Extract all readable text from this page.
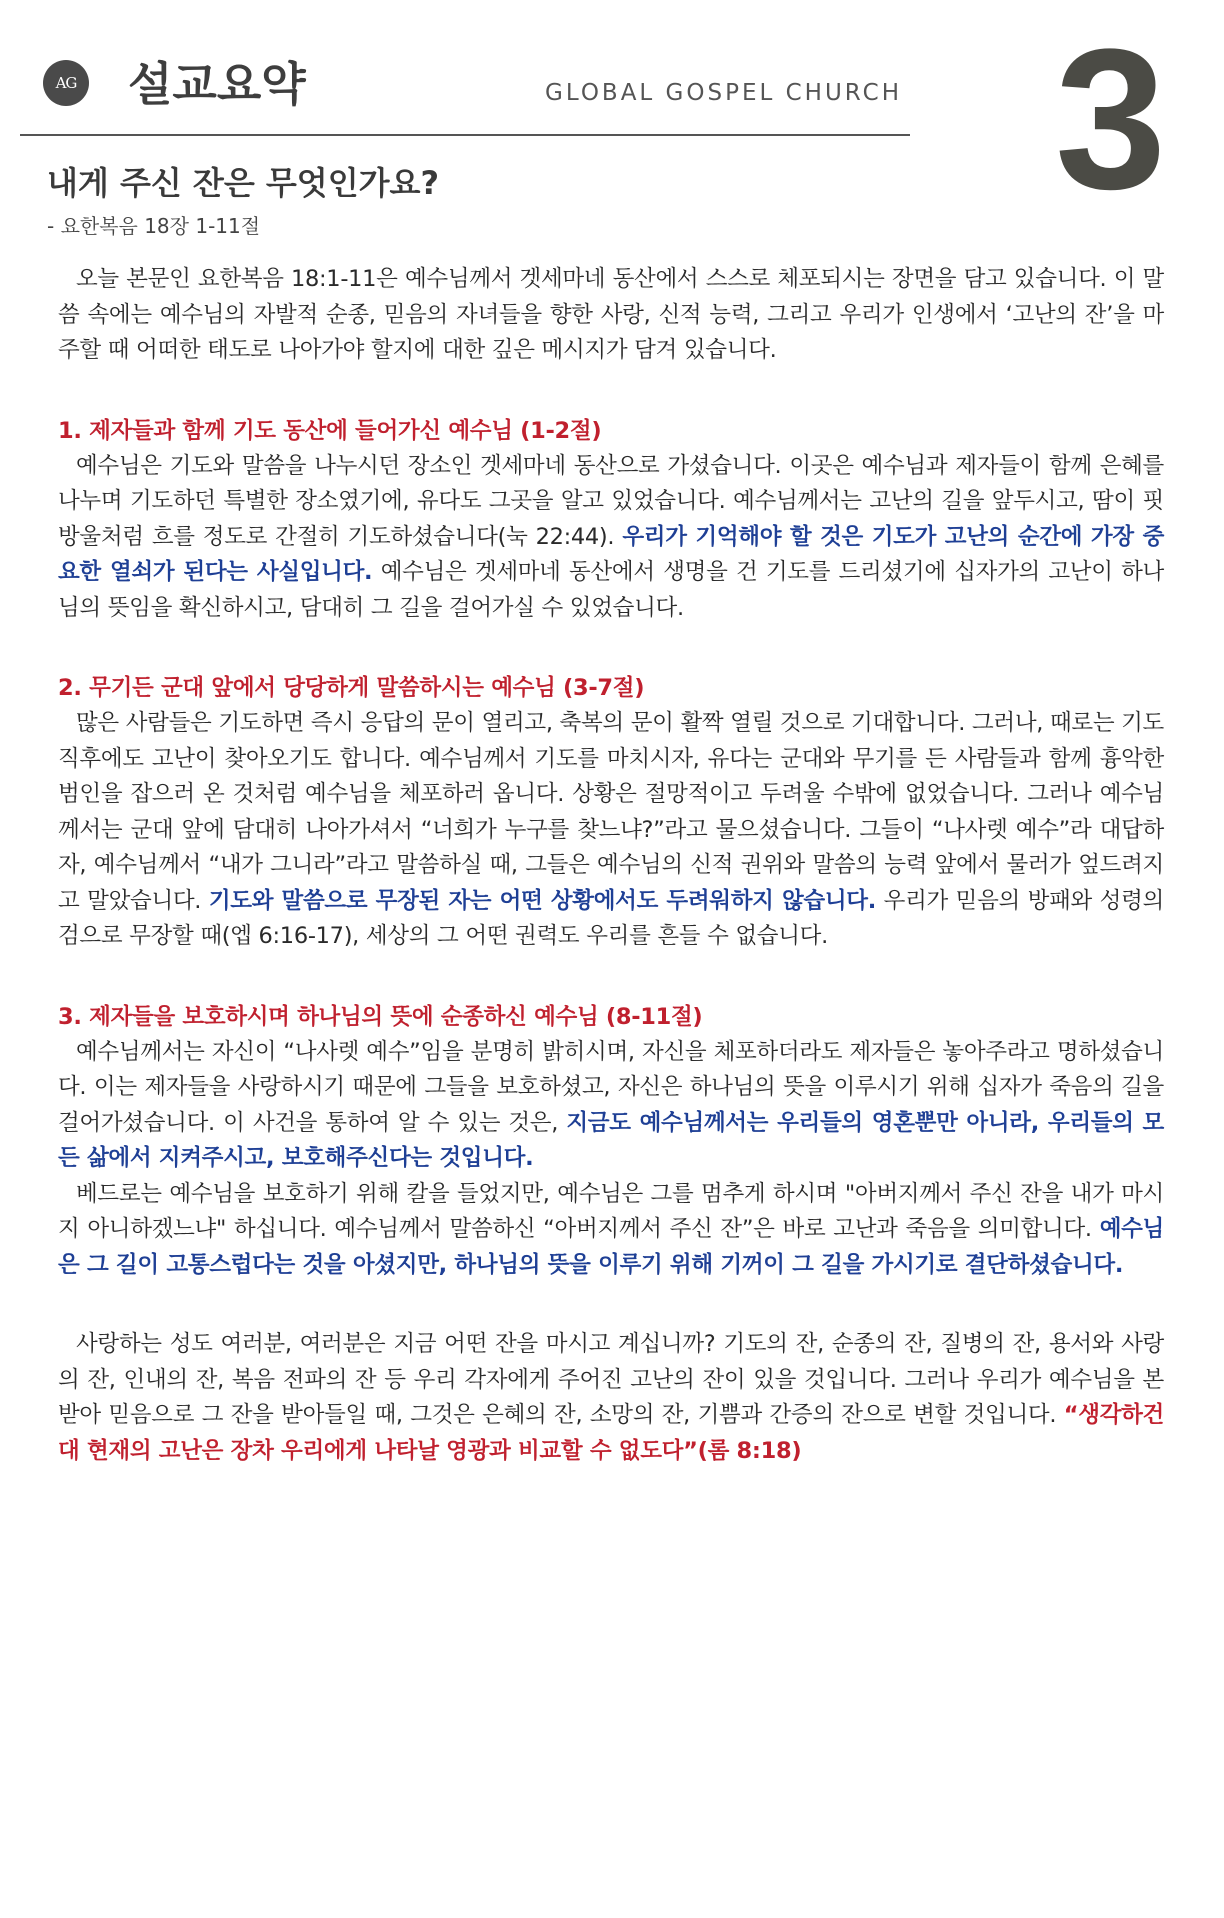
AG 설교요약	GLOBAL GOSPEL CHURCH 3
내게 주신 잔은 무엇인가요?
- 요한복음 18장 1-11절

오늘 본문인 요한복음 18:1-11은 예수님께서 겟세마네 동산에서 스스로 체포되시는 장면을 담고 있습니다. 이 말씀 속에는 예수님의 자발적 순종, 믿음의 자녀들을 향한 사랑, 신적 능력, 그리고 우리가 인생에서 ‘고난의 잔’을 마주할 때 어떠한 태도로 나아가야 할지에 대한 깊은 메시지가 담겨 있습니다.

1. 제자들과 함께 기도 동산에 들어가신 예수님 (1-2절)

예수님은 기도와 말씀을 나누시던 장소인 겟세마네 동산으로 가셨습니다. 이곳은 예수님과 제자들이 함께 은혜를 나누며 기도하던 특별한 장소였기에, 유다도 그곳을 알고 있었습니다. 예수님께서는 고난의 길을 앞두시고, 땀이 핏방울처럼 흐를 정도로 간절히 기도하셨습니다(눅 22:44). 우리가 기억해야 할 것은 기도가 고난의 순간에 가장 중요한 열쇠가 된다는 사실입니다. 예수님은 겟세마네 동산에서 생명을 건 기도를 드리셨기에 십자가의 고난이 하나님의 뜻임을 확신하시고, 담대히 그 길을 걸어가실 수 있었습니다.

2. 무기든 군대 앞에서 당당하게 말씀하시는 예수님 (3-7절)

많은 사람들은 기도하면 즉시 응답의 문이 열리고, 축복의 문이 활짝 열릴 것으로 기대합니다. 그러나, 때로는 기도 직후에도 고난이 찾아오기도 합니다. 예수님께서 기도를 마치시자, 유다는 군대와 무기를 든 사람들과 함께 흉악한 범인을 잡으러 온 것처럼 예수님을 체포하러 옵니다. 상황은 절망적이고 두려울 수밖에 없었습니다. 그러나 예수님께서는 군대 앞에 담대히 나아가셔서 “너희가 누구를 찾느냐?”라고 물으셨습니다. 그들이 “나사렛 예수”라 대답하자, 예수님께서 “내가 그니라”라고 말씀하실 때, 그들은 예수님의 신적 권위와 말씀의 능력 앞에서 물러가 엎드려지고 말았습니다. 기도와 말씀으로 무장된 자는 어떤 상황에서도 두려워하지 않습니다. 우리가 믿음의 방패와 성령의 검으로 무장할 때(엡 6:16-17), 세상의 그 어떤 권력도 우리를 흔들 수 없습니다.

3. 제자들을 보호하시며 하나님의 뜻에 순종하신 예수님 (8-11절)

예수님께서는 자신이 “나사렛 예수”임을 분명히 밝히시며, 자신을 체포하더라도 제자들은 놓아주라고 명하셨습니다. 이는 제자들을 사랑하시기 때문에 그들을 보호하셨고, 자신은 하나님의 뜻을 이루시기 위해 십자가 죽음의 길을 걸어가셨습니다. 이 사건을 통하여 알 수 있는 것은, 지금도 예수님께서는 우리들의 영혼뿐만 아니라, 우리들의 모든 삶에서 지켜주시고, 보호해주신다는 것입니다.

베드로는 예수님을 보호하기 위해 칼을 들었지만, 예수님은 그를 멈추게 하시며 "아버지께서 주신 잔을 내가 마시지 아니하겠느냐" 하십니다. 예수님께서 말씀하신 “아버지께서 주신 잔”은 바로 고난과 죽음을 의미합니다. 예수님은 그 길이 고통스럽다는 것을 아셨지만, 하나님의 뜻을 이루기 위해 기꺼이 그 길을 가시기로 결단하셨습니다.

사랑하는 성도 여러분, 여러분은 지금 어떤 잔을 마시고 계십니까? 기도의 잔, 순종의 잔, 질병의 잔, 용서와 사랑의 잔, 인내의 잔, 복음 전파의 잔 등 우리 각자에게 주어진 고난의 잔이 있을 것입니다. 그러나 우리가 예수님을 본받아 믿음으로 그 잔을 받아들일 때, 그것은 은혜의 잔, 소망의 잔, 기쁨과 간증의 잔으로 변할 것입니다. “생각하건대 현재의 고난은 장차 우리에게 나타날 영광과 비교할 수 없도다”(롬 8:18)
